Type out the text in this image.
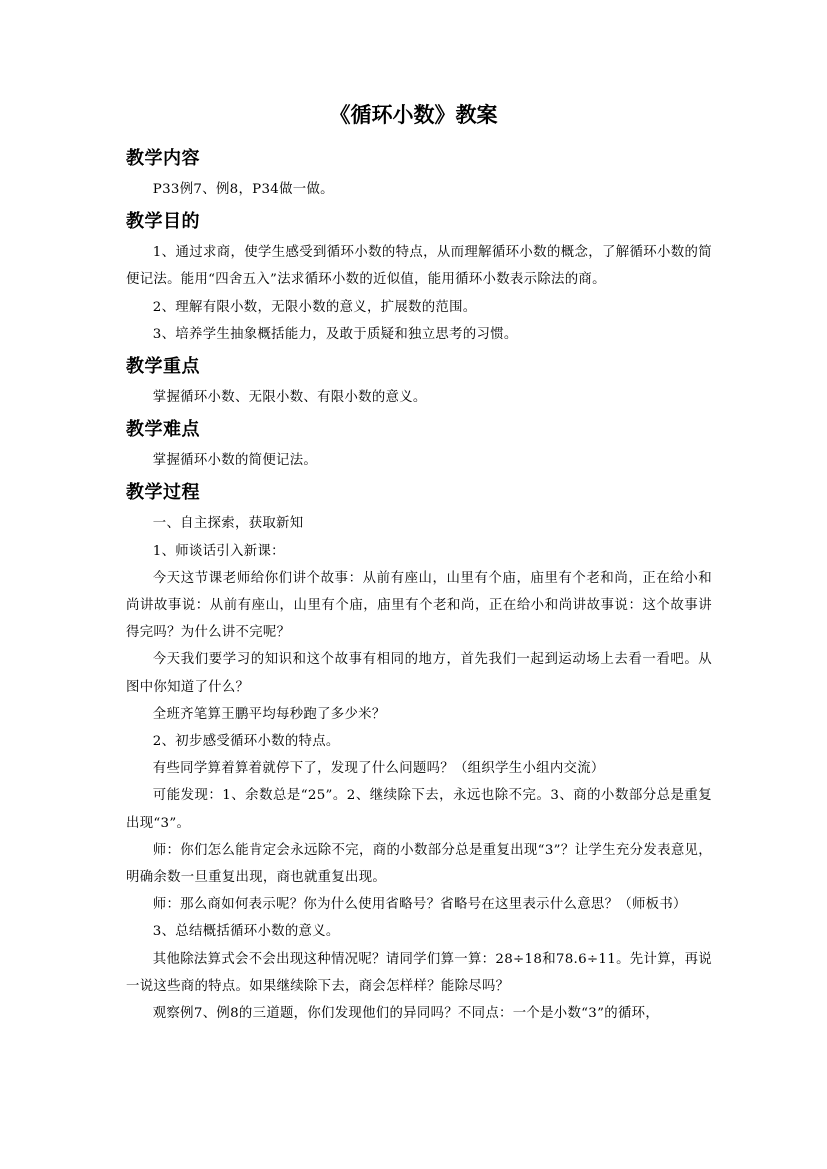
《循环小数》教案
教学内容

P33例7、例8，P34做一做。

教学目的

1、通过求商，使学生感受到循环小数的特点，从而理解循环小数的概念，了解循环小数的简便记法。能用“四舍五入”法求循环小数的近似值，能用循环小数表示除法的商。

2、理解有限小数，无限小数的意义，扩展数的范围。

3、培养学生抽象概括能力，及敢于质疑和独立思考的习惯。

教学重点

掌握循环小数、无限小数、有限小数的意义。

教学难点

掌握循环小数的简便记法。

教学过程

一、自主探索，获取新知

1、师谈话引入新课：

今天这节课老师给你们讲个故事：从前有座山，山里有个庙，庙里有个老和尚，正在给小和尚讲故事说：从前有座山，山里有个庙，庙里有个老和尚，正在给小和尚讲故事说：这个故事讲得完吗？为什么讲不完呢？

今天我们要学习的知识和这个故事有相同的地方，首先我们一起到运动场上去看一看吧。从图中你知道了什么？

全班齐笔算王鹏平均每秒跑了多少米？

2、初步感受循环小数的特点。

有些同学算着算着就停下了，发现了什么问题吗？（组织学生小组内交流）

可能发现：1、余数总是“25”。2、继续除下去，永远也除不完。3、商的小数部分总是重复出现“3”。

师：你们怎么能肯定会永远除不完，商的小数部分总是重复出现“3”？让学生充分发表意见，明确余数一旦重复出现，商也就重复出现。

师：那么商如何表示呢？你为什么使用省略号？省略号在这里表示什么意思？（师板书）

3、总结概括循环小数的意义。

其他除法算式会不会出现这种情况呢？请同学们算一算：28÷18和78.6÷11。先计算，再说一说这些商的特点。如果继续除下去，商会怎样样？能除尽吗？

观察例7、例8的三道题，你们发现他们的异同吗？不同点：一个是小数“3”的循环，
